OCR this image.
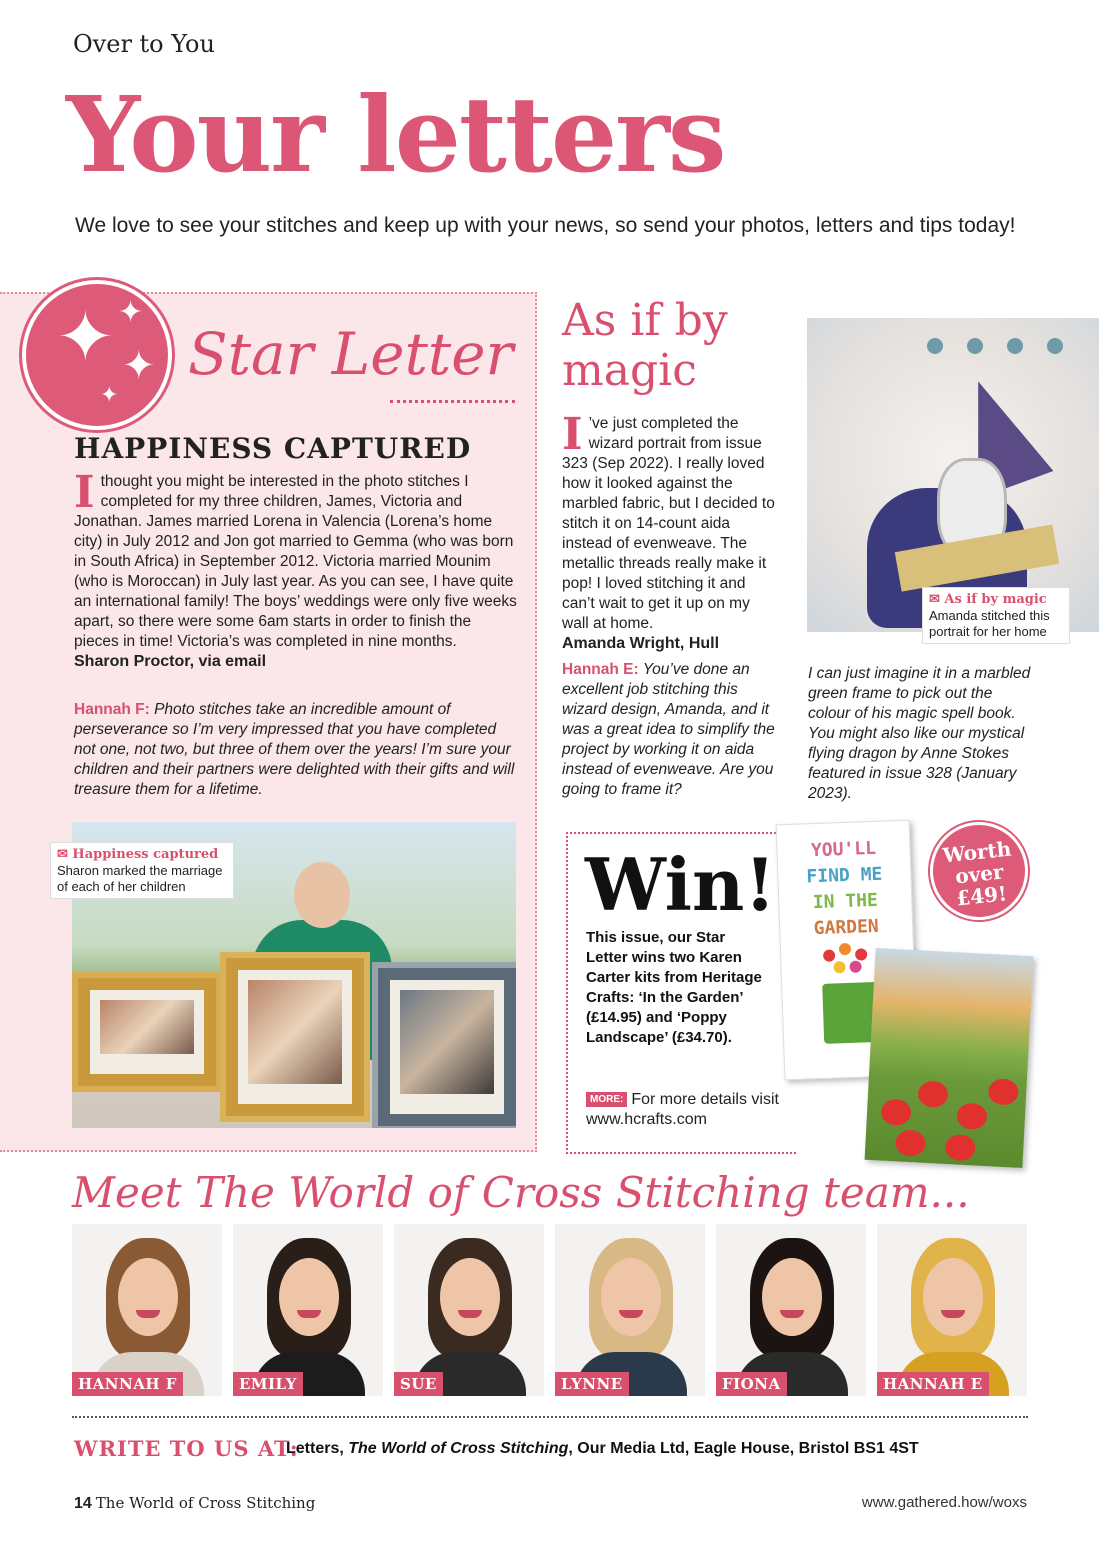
Over to You
Your letters
We love to see your stitches and keep up with your news, so send your photos, letters and tips today!
✦ ✦
✦
✦
Star Letter
HAPPINESS CAPTURED
Ithought you might be interested in the photo stitches I completed for my three children, James, Victoria and Jonathan. James married Lorena in Valencia (Lorena’s home city) in July 2012 and Jon got married to Gemma (who was born in South Africa) in September 2012. Victoria married Mounim (who is Moroccan) in July last year. As you can see, I have quite an international family! The boys’ weddings were only five weeks apart, so there were some 6am starts in order to finish the pieces in time! Victoria’s was completed in nine months.
Sharon Proctor, via email
Hannah F: Photo stitches take an incredible amount of perseverance so I’m very impressed that you have completed not one, not two, but three of them over the years! I’m sure your children and their partners were delighted with their gifts and will treasure them for a lifetime.
✉ Happiness captured
Sharon marked the marriage of each of her children
As if by magic
I ’ve just completed the wizard portrait from issue 323 (Sep 2022). I really loved how it looked against the marbled fabric, but I decided to stitch it on 14-count aida instead of evenweave. The metallic threads really make it pop! I loved stitching it and can’t wait to get it up on my wall at home.
Amanda Wright, Hull
Hannah E: You’ve done an excellent job stitching this wizard design, Amanda, and it was a great idea to simplify the project by working it on aida instead of evenweave. Are you going to frame it?
I can just imagine it in a marbled green frame to pick out the colour of his magic spell book. You might also like our mystical flying dragon by Anne Stokes featured in issue 328 (January 2023).
✉ As if by magic
Amanda stitched this portrait for her home
Win!
This issue, our Star Letter wins two Karen Carter kits from Heritage Crafts: ‘In the Garden’ (£14.95) and ‘Poppy Landscape’ (£34.70).
MORE: For more details visit www.hcrafts.com
YOU'LL
FIND ME
IN THE
GARDEN
Worth
over
£49!
Meet The World of Cross Stitching team...
HANNAH F	EMILY	SUE	LYNNE	FIONA	HANNAH E
WRITE TO US AT:
Letters, The World of Cross Stitching, Our Media Ltd, Eagle House, Bristol BS1 4ST
14 The World of Cross Stitching	www.gathered.how/woxs
